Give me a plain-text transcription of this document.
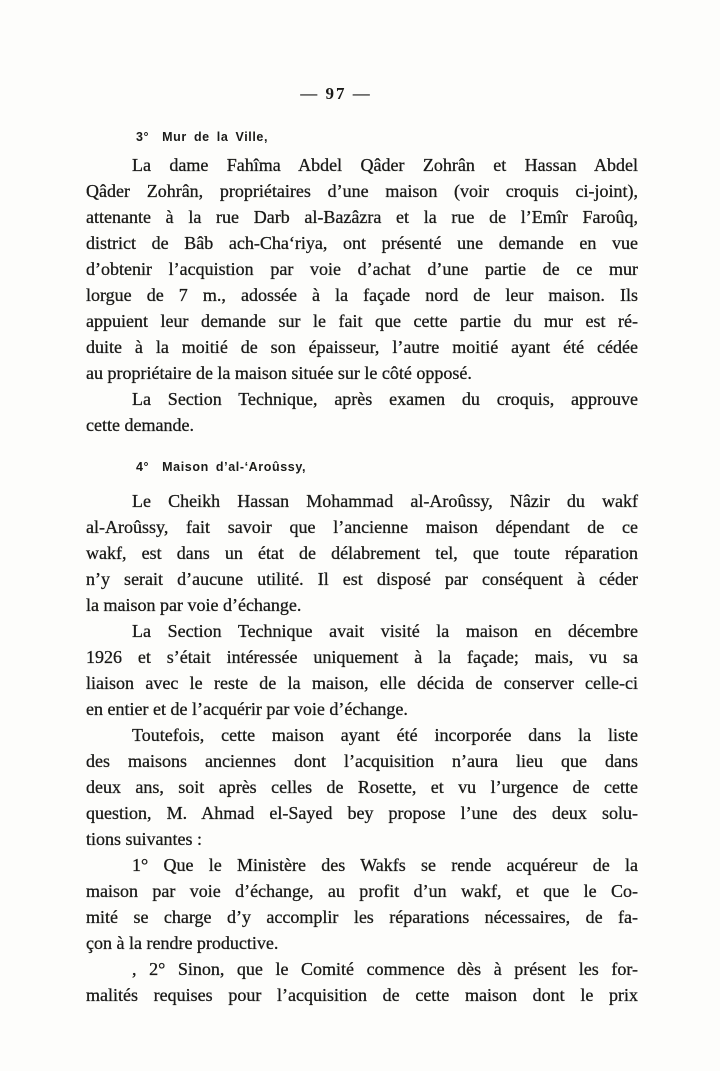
— 97 —
3° Mur de la Ville,
La dame Fahîma Abdel Qâder Zohrân et Hassan Abdel
Qâder Zohrân, propriétaires d’une maison (voir croquis ci-joint),
attenante à la rue Darb al-Bazâzra et la rue de l’Emîr Faroûq,
district de Bâb ach-Cha‘riya, ont présenté une demande en vue
d’obtenir l’acquistion par voie d’achat d’une partie de ce mur
lorgue de 7 m., adossée à la façade nord de leur maison. Ils
appuient leur demande sur le fait que cette partie du mur est ré-
duite à la moitié de son épaisseur, l’autre moitié ayant été cédée
au propriétaire de la maison située sur le côté opposé.
La Section Technique, après examen du croquis, approuve
cette demande.
4° Maison d’al-‘Aroûssy,
Le Cheikh Hassan Mohammad al-Aroûssy, Nâzir du wakf
al-Aroûssy, fait savoir que l’ancienne maison dépendant de ce
wakf, est dans un état de délabrement tel, que toute réparation
n’y serait d’aucune utilité. Il est disposé par conséquent à céder
la maison par voie d’échange.
La Section Technique avait visité la maison en décembre
1926 et s’était intéressée uniquement à la façade; mais, vu sa
liaison avec le reste de la maison, elle décida de conserver celle-ci
en entier et de l’acquérir par voie d’échange.
Toutefois, cette maison ayant été incorporée dans la liste
des maisons anciennes dont l’acquisition n’aura lieu que dans
deux ans, soit après celles de Rosette, et vu l’urgence de cette
question, M. Ahmad el-Sayed bey propose l’une des deux solu-
tions suivantes :
1° Que le Ministère des Wakfs se rende acquéreur de la
maison par voie d’échange, au profit d’un wakf, et que le Co-
mité se charge d’y accomplir les réparations nécessaires, de fa-
çon à la rendre productive.
, 2° Sinon, que le Comité commence dès à présent les for-
malités requises pour l’acquisition de cette maison dont le prix
